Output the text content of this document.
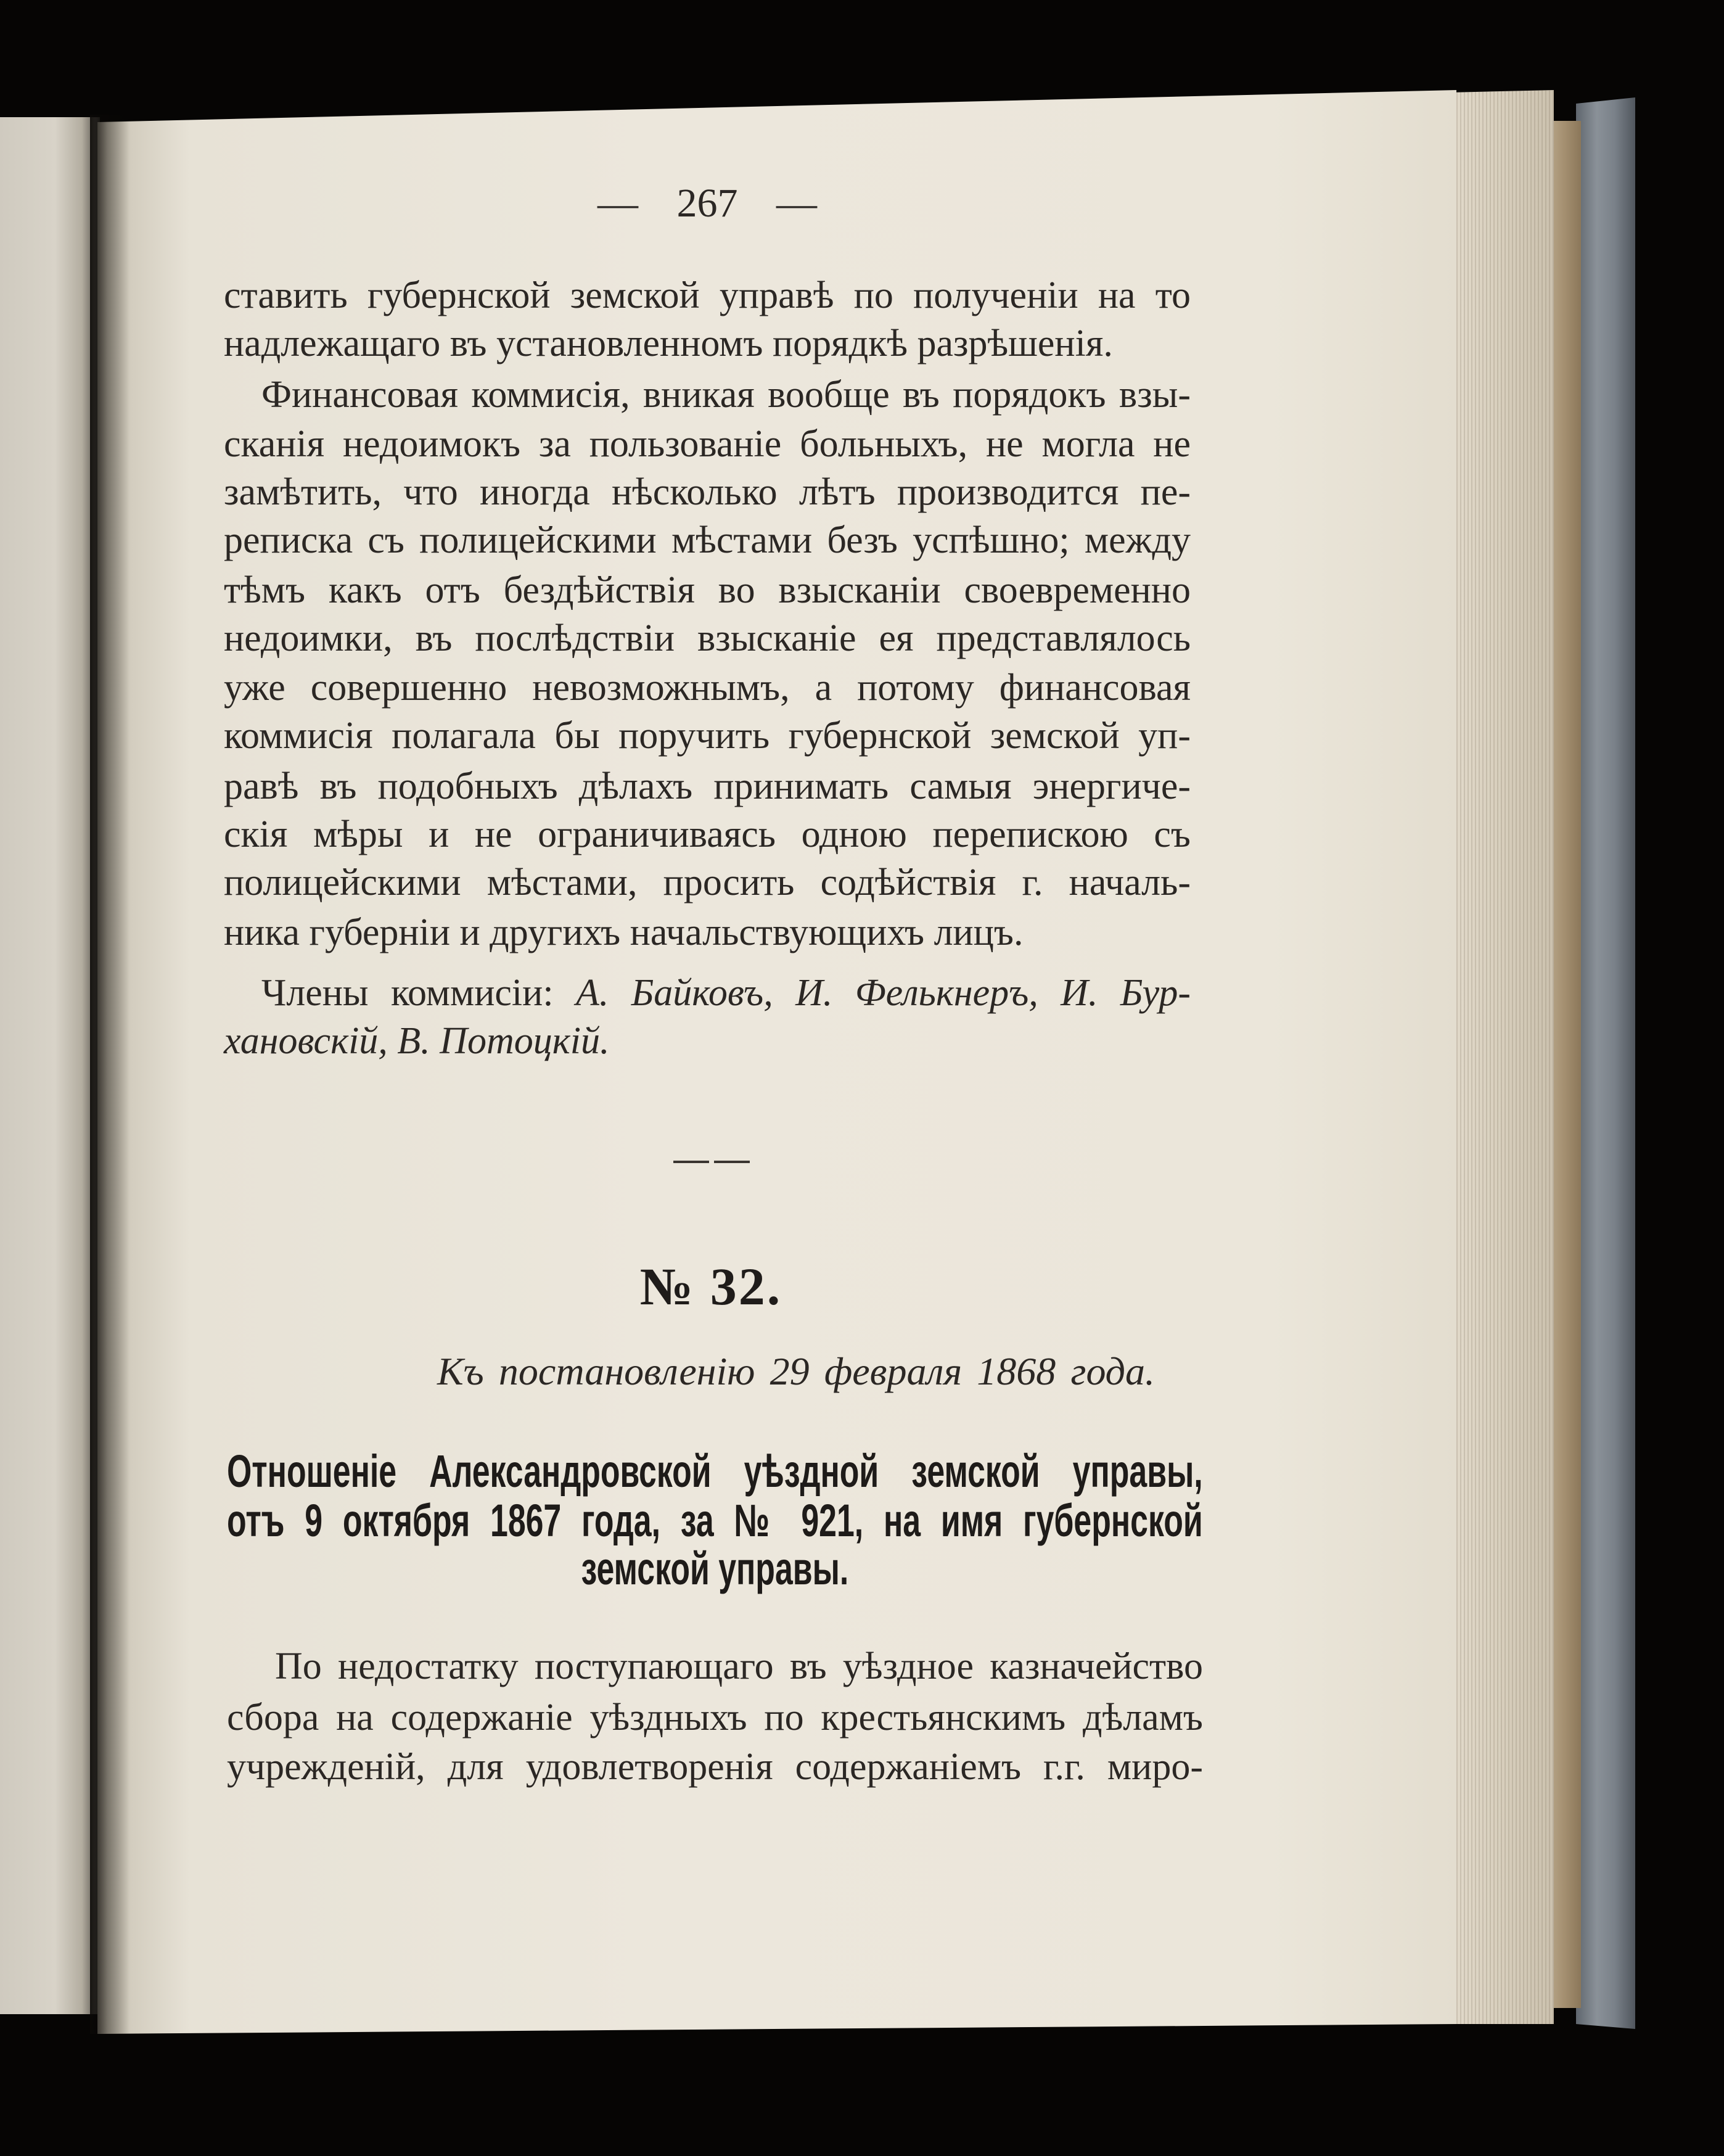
— 267 —
ставить губернской земской управѣ по полученіи на то
надлежащаго въ установленномъ порядкѣ разрѣшенія.
Финансовая коммисія, вникая вообще въ порядокъ взы-
сканія недоимокъ за пользованіе больныхъ, не могла не
замѣтить, что иногда нѣсколько лѣтъ производится пе-
реписка съ полицейскими мѣстами безъ успѣшно; между
тѣмъ какъ отъ бездѣйствія во взысканіи своевременно
недоимки, въ послѣдствіи взысканіе ея представлялось
уже совершенно невозможнымъ, а потому финансовая
коммисія полагала бы поручить губернской земской уп-
равѣ въ подобныхъ дѣлахъ принимать самыя энергиче-
скія мѣры и не ограничиваясь одною перепискою съ
полицейскими мѣстами, просить содѣйствія г. началь-
ника губерніи и другихъ начальствующихъ лицъ.
Члены коммисіи: А. Байковъ, И. Фелькнеръ, И. Бур-
хановскій, В. Потоцкій.
№ 32.
Къ постановленію 29 февраля 1868 года.
Отношеніе Александровской уѣздной земской управы,
отъ 9 октября 1867 года, за № 921, на имя губернской
земской управы.
По недостатку поступающаго въ уѣздное казначейство
сбора на содержаніе уѣздныхъ по крестьянскимъ дѣламъ
учрежденій, для удовлетворенія содержаніемъ г.г. миро-
